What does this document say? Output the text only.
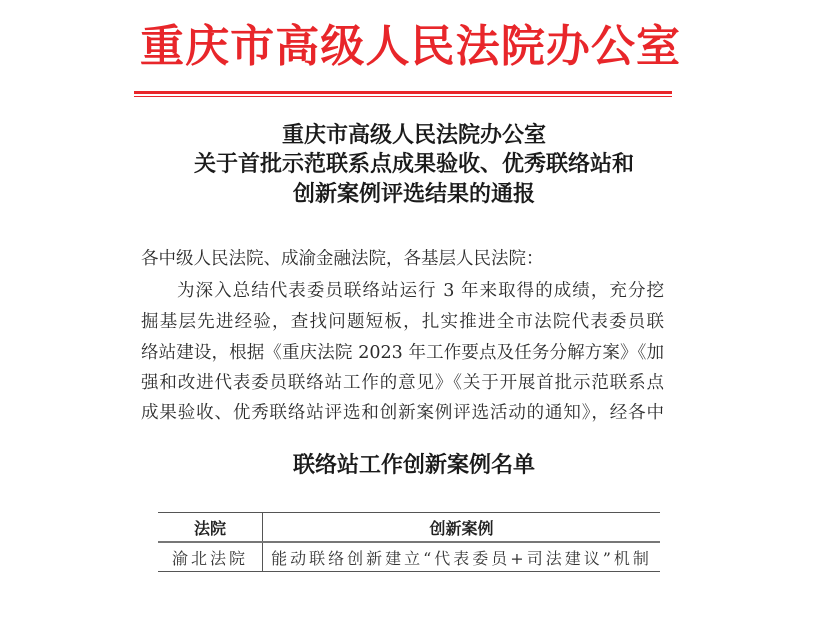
重庆市高级人民法院办公室
重庆市高级人民法院办公室
关于首批示范联系点成果验收、优秀联络站和
创新案例评选结果的通报
各中级人民法院、成渝金融法院，各基层人民法院：
为深入总结代表委员联络站运行 3 年来取得的成绩，充分挖
掘基层先进经验，查找问题短板，扎实推进全市法院代表委员联
络站建设，根据《重庆法院 2023 年工作要点及任务分解方案》《加
强和改进代表委员联络站工作的意见》《关于开展首批示范联系点
成果验收、优秀联络站评选和创新案例评选活动的通知》，经各中
联络站工作创新案例名单
法院	创新案例
渝北法院	能动联络创新建立“代表委员+司法建议”机制
